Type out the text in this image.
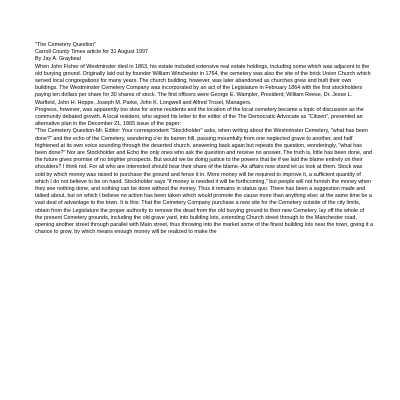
"The Cemetery Question"

Carroll County Times article for 31 August 1997

By Jay A. Graybeal

When John Fisher of Westminster died in 1863, his estate included extensive real estate holdings, including some which was adjacent to the old burying ground. Originally laid out by founder William Winchester in 1764, the cemetery was also the site of the brick Union Church which served local congregations for many years. The church building, however, was later abandoned as churches grew and built their own buildings. The Westminster Cemetery Company was incorporated by an act of the Legislature in February 1864 with the first stockholders paying ten dollars per share for 30 shares of stock. The first officers were George E. Wampler, President; William Reese, Dr. Jesse L. Warfield, John H. Hoppe, Joseph M. Parke, John K. Longwell and Alfred Troxel, Managers.

Progress, however, was apparently too slow for some residents and the location of the local cemetery became a topic of discussion as the community debated growth. A local resident, who signed his letter to the editor of the The Democratic Advocate as "Citizen", presented an alternative plan in the December 21, 1865 issue of the paper:

"The Cemetery Question-Mr. Editor: Your correspondent "Stockholder" asks, when writing about the Westminster Cemetery, "what has been done?" and the echo of the Cemetery, wandering o'er its barren hill, passing mournfully from one neglected grave to another, and half frightened at its own voice sounding through the deserted church, answering back again but repeats the question, wonderingly, "what has been done?" Nor are Stockholder and Echo the only ones who ask the question and receive no answer. The truth is, little has been done, and the future gives promise of no brighter prospects. But would we be doing justice to the powers that be if we laid the blame entirely on their shoulders? I think not. For all who are interested should bear their share of the blame.-As affairs now stand let us look at them. Stock was sold by which money was raised to purchase the ground and fence it in. More money will be required to improve it, a sufficient quantity of which I do not believe to be on hand. Stockholder says "if money is needed it will be forthcoming," but people will not furnish the money when they see nothing done, and nothing can be done without the money. Thus it remains in status quo. There has been a suggestion made and talked about, but on which I believe no action has been taken which would promote the cause more than anything else; at the same time be a vast deal of advantage to the town. It is this: That the Cemetery Company purchase a new site for the Cemetery outside of the city limits, obtain from the Legislature the proper authority to remove the dead from the old burying ground to their new Cemetery, lay off the whole of the present Cemetery grounds, including the old grave yard, into building lots, extending Church street through to the Manchester road, opening another street through parallel with Main street, thus throwing into the market some of the finest building lots near the town, giving it a chance to grow, by which means enough money will be realized to make the
